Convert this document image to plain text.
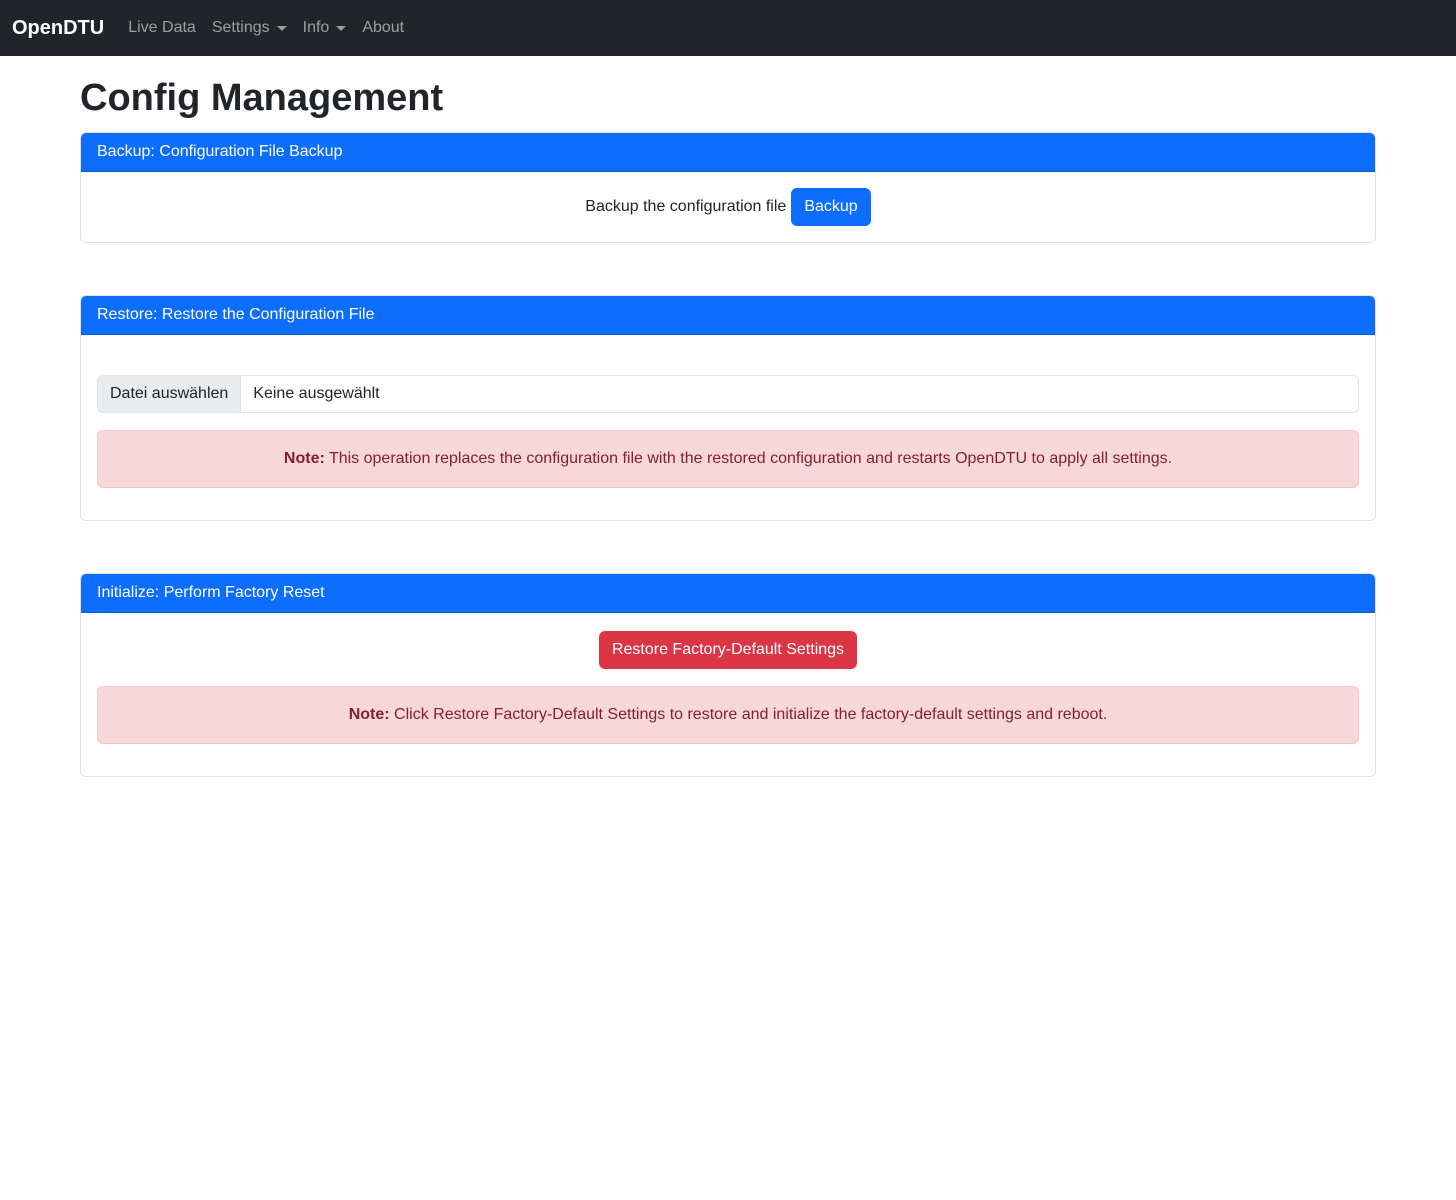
OpenDTU Live Data Settings Info About
Config Management
Backup: Configuration File Backup
Backup the configuration file	Backup
Restore: Restore the Configuration File
Datei auswählen	Keine ausgewählt
Note: This operation replaces the configuration file with the restored configuration and restarts OpenDTU to apply all settings.
Initialize: Perform Factory Reset
Restore Factory-Default Settings
Note: Click Restore Factory-Default Settings to restore and initialize the factory-default settings and reboot.
